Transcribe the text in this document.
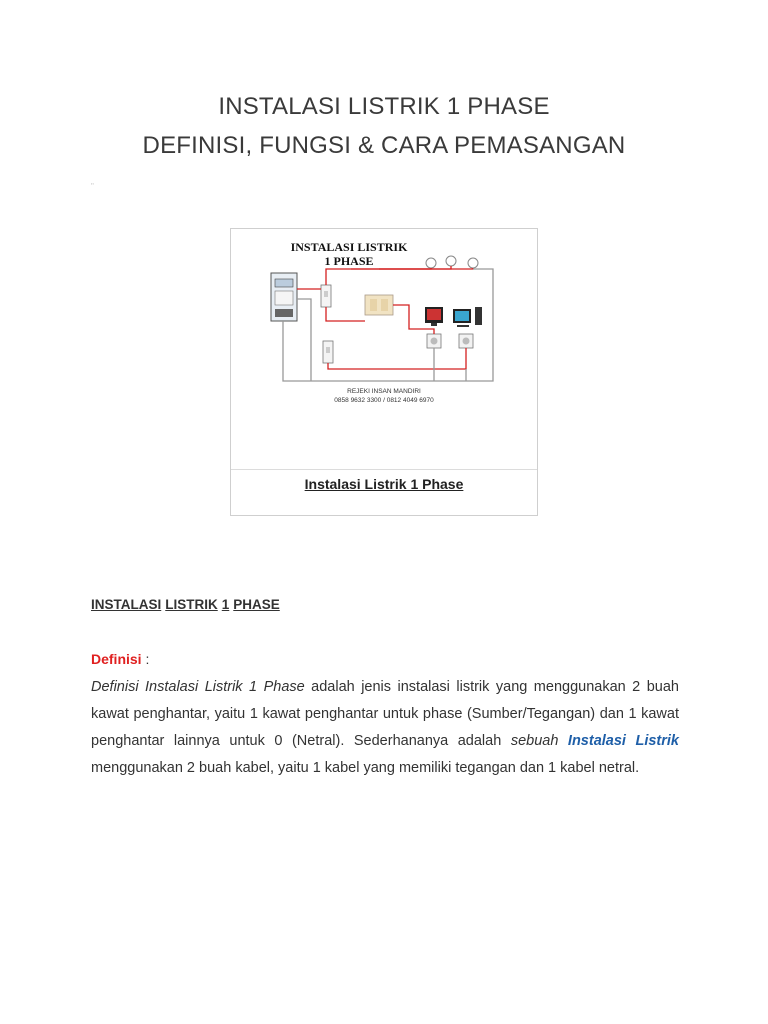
INSTALASI LISTRIK 1 PHASE
DEFINISI, FUNGSI & CARA PEMASANGAN
"
INSTALASI LISTRIK
1 PHASE
REJEKI INSAN MANDIRI
0858 9632 3300 / 0812 4049 6970
Instalasi Listrik 1 Phase
INSTALASI LISTRIK 1 PHASE
Definisi :
Definisi Instalasi Listrik 1 Phase adalah jenis instalasi listrik yang menggunakan 2 buah kawat penghantar, yaitu 1 kawat penghantar untuk phase (Sumber/Tegangan) dan 1 kawat penghantar lainnya untuk 0 (Netral). Sederhananya adalah sebuah Instalasi Listrik menggunakan 2 buah kabel, yaitu 1 kabel yang memiliki tegangan dan 1 kabel netral.
